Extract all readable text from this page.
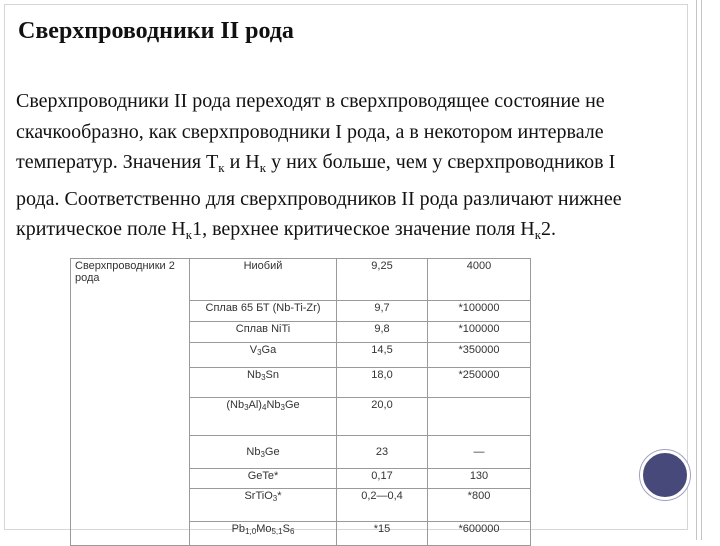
Сверхпроводники II рода

Сверхпроводники II рода переходят в сверхпроводящее состояние не скачкообразно, как сверхпроводники I рода, а в некотором интервале температур. Значения $T_к$ и $H_к$ у них больше, чем у сверхпроводников I рода. Соответственно для сверхпроводников II рода различают нижнее критическое поле $H_к1$, верхнее критическое значение поля $H_к2$.

Сверхпроводники 2 рода	Ниобий	9,25	4000
	Сплав 65 БТ (Nb-Ti-Zr)	9,7	*100000
	Сплав NiTi	9,8	*100000
	$V_3Ga$	14,5	*350000
	$Nb_3Sn$	18,0	*250000
	$(Nb_3Al)_4Nb_3Ge$	20,0	
	$Nb_3Ge$	23	—
	GeTe*	0,17	130
	SrTiO$_3$*	0,2—0,4	*800
	$Pb_{1,0}Mo_{5,1}S_6$	*15	*600000
